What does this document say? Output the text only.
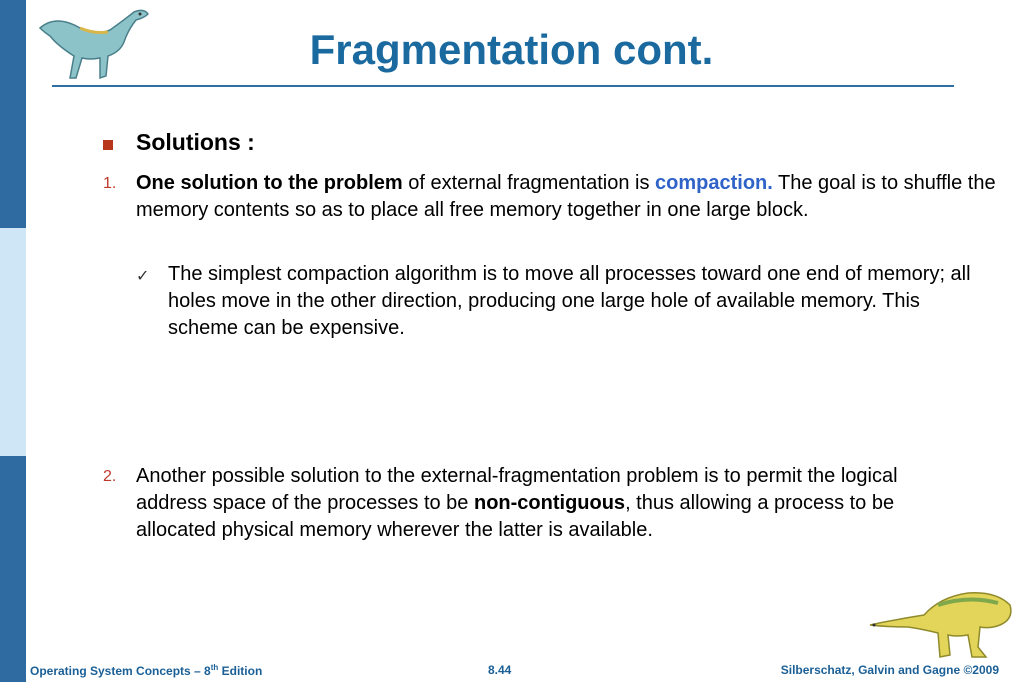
Fragmentation cont.
Solutions :
1. One solution to the problem of external fragmentation is compaction. The goal is to shuffle the memory contents so as to place all free memory together in one large block.
✓ The simplest compaction algorithm is to move all processes toward one end of memory; all holes move in the other direction, producing one large hole of available memory. This scheme can be expensive.
2. Another possible solution to the external-fragmentation problem is to permit the logical address space of the processes to be non-contiguous, thus allowing a process to be allocated physical memory wherever the latter is available.
Operating System Concepts – 8th Edition	8.44	Silberschatz, Galvin and Gagne ©2009
